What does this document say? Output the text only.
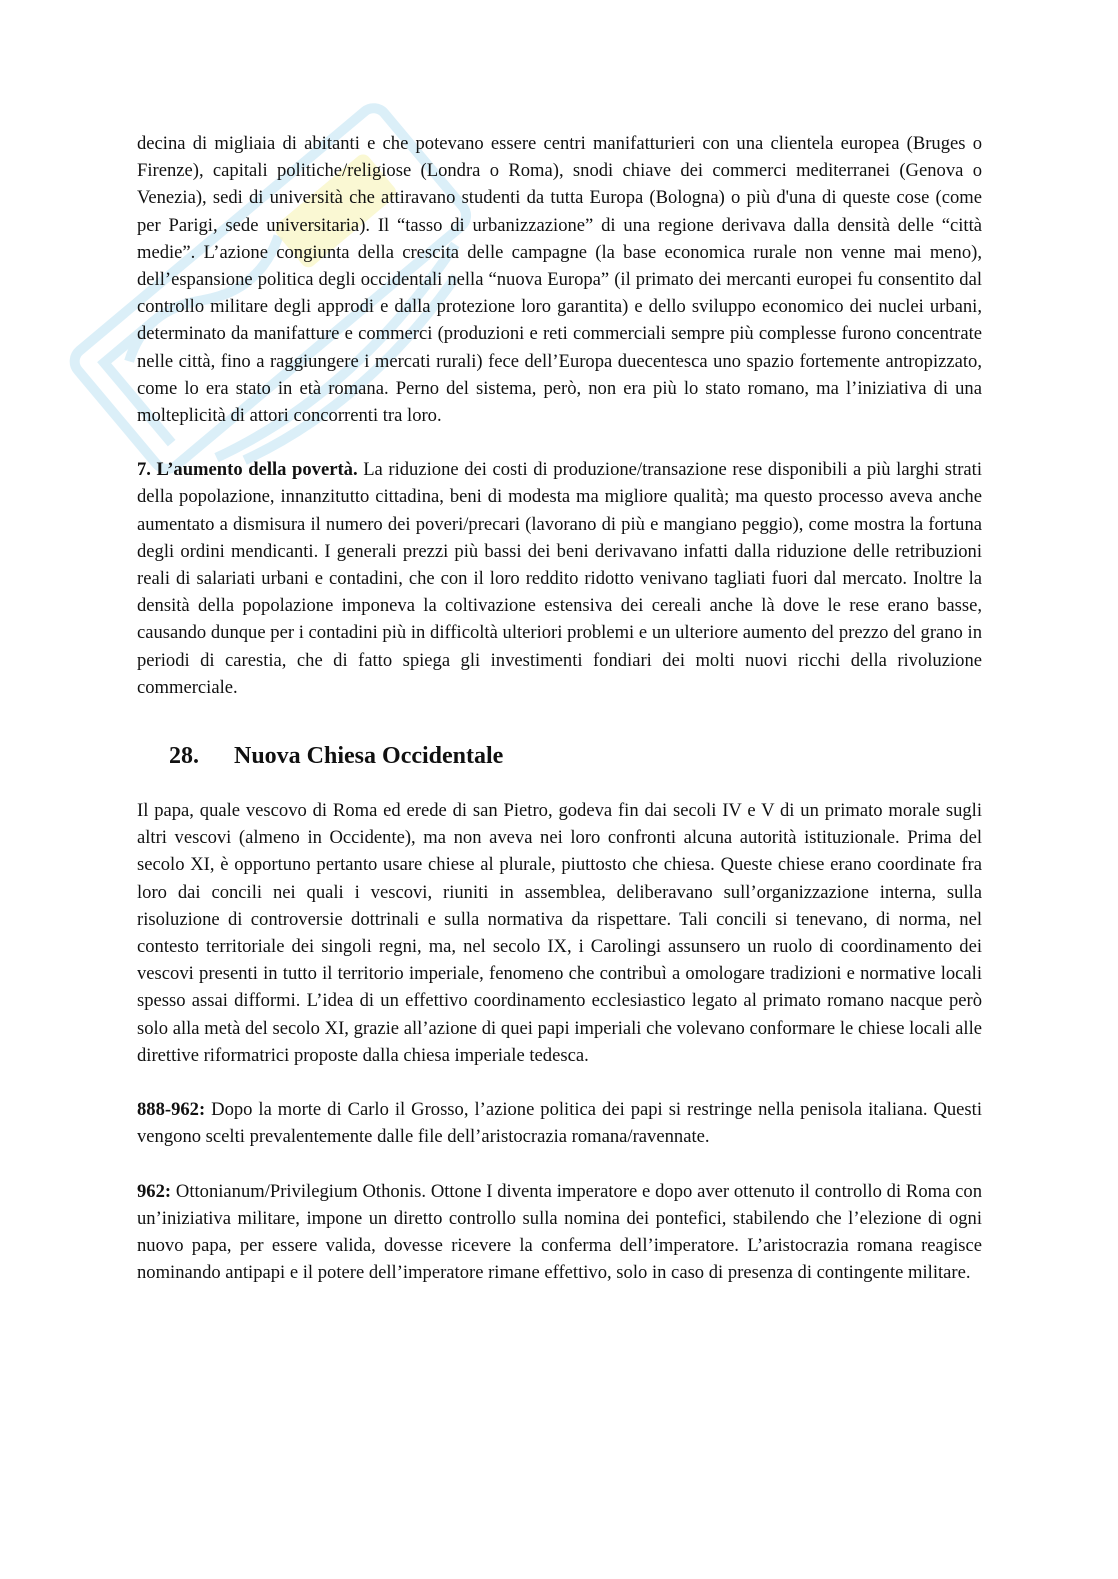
decina di migliaia di abitanti e che potevano essere centri manifatturieri con una clientela europea (Bruges o Firenze), capitali politiche/religiose (Londra o Roma), snodi chiave dei commerci mediterranei (Genova o Venezia), sedi di università che attiravano studenti da tutta Europa (Bologna) o più d'una di queste cose (come per Parigi, sede universitaria). Il “tasso di urbanizzazione” di una regione derivava dalla densità delle “città medie”. L’azione congiunta della crescita delle campagne (la base economica rurale non venne mai meno), dell’espansione politica degli occidentali nella “nuova Europa” (il primato dei mercanti europei fu consentito dal controllo militare degli approdi e dalla protezione loro garantita) e dello sviluppo economico dei nuclei urbani, determinato da manifatture e commerci (produzioni e reti commerciali sempre più complesse furono concentrate nelle città, fino a raggiungere i mercati rurali) fece dell’Europa duecentesca uno spazio fortemente antropizzato, come lo era stato in età romana. Perno del sistema, però, non era più lo stato romano, ma l’iniziativa di una molteplicità di attori concorrenti tra loro.

7. L’aumento della povertà. La riduzione dei costi di produzione/transazione rese disponibili a più larghi strati della popolazione, innanzitutto cittadina, beni di modesta ma migliore qualità; ma questo processo aveva anche aumentato a dismisura il numero dei poveri/precari (lavorano di più e mangiano peggio), come mostra la fortuna degli ordini mendicanti. I generali prezzi più bassi dei beni derivavano infatti dalla riduzione delle retribuzioni reali di salariati urbani e contadini, che con il loro reddito ridotto venivano tagliati fuori dal mercato. Inoltre la densità della popolazione imponeva la coltivazione estensiva dei cereali anche là dove le rese erano basse, causando dunque per i contadini più in difficoltà ulteriori problemi e un ulteriore aumento del prezzo del grano in periodi di carestia, che di fatto spiega gli investimenti fondiari dei molti nuovi ricchi della rivoluzione commerciale.

28. Nuova Chiesa Occidentale

Il papa, quale vescovo di Roma ed erede di san Pietro, godeva fin dai secoli IV e V di un primato morale sugli altri vescovi (almeno in Occidente), ma non aveva nei loro confronti alcuna autorità istituzionale. Prima del secolo XI, è opportuno pertanto usare chiese al plurale, piuttosto che chiesa. Queste chiese erano coordinate fra loro dai concili nei quali i vescovi, riuniti in assemblea, deliberavano sull’organizzazione interna, sulla risoluzione di controversie dottrinali e sulla normativa da rispettare. Tali concili si tenevano, di norma, nel contesto territoriale dei singoli regni, ma, nel secolo IX, i Carolingi assunsero un ruolo di coordinamento dei vescovi presenti in tutto il territorio imperiale, fenomeno che contribuì a omologare tradizioni e normative locali spesso assai difformi. L’idea di un effettivo coordinamento ecclesiastico legato al primato romano nacque però solo alla metà del secolo XI, grazie all’azione di quei papi imperiali che volevano conformare le chiese locali alle direttive riformatrici proposte dalla chiesa imperiale tedesca.

888-962: Dopo la morte di Carlo il Grosso, l’azione politica dei papi si restringe nella penisola italiana. Questi vengono scelti prevalentemente dalle file dell’aristocrazia romana/ravennate.

962: Ottonianum/Privilegium Othonis. Ottone I diventa imperatore e dopo aver ottenuto il controllo di Roma con un’iniziativa militare, impone un diretto controllo sulla nomina dei pontefici, stabilendo che l’elezione di ogni nuovo papa, per essere valida, dovesse ricevere la conferma dell’imperatore. L’aristocrazia romana reagisce nominando antipapi e il potere dell’imperatore rimane effettivo, solo in caso di presenza di contingente militare.
